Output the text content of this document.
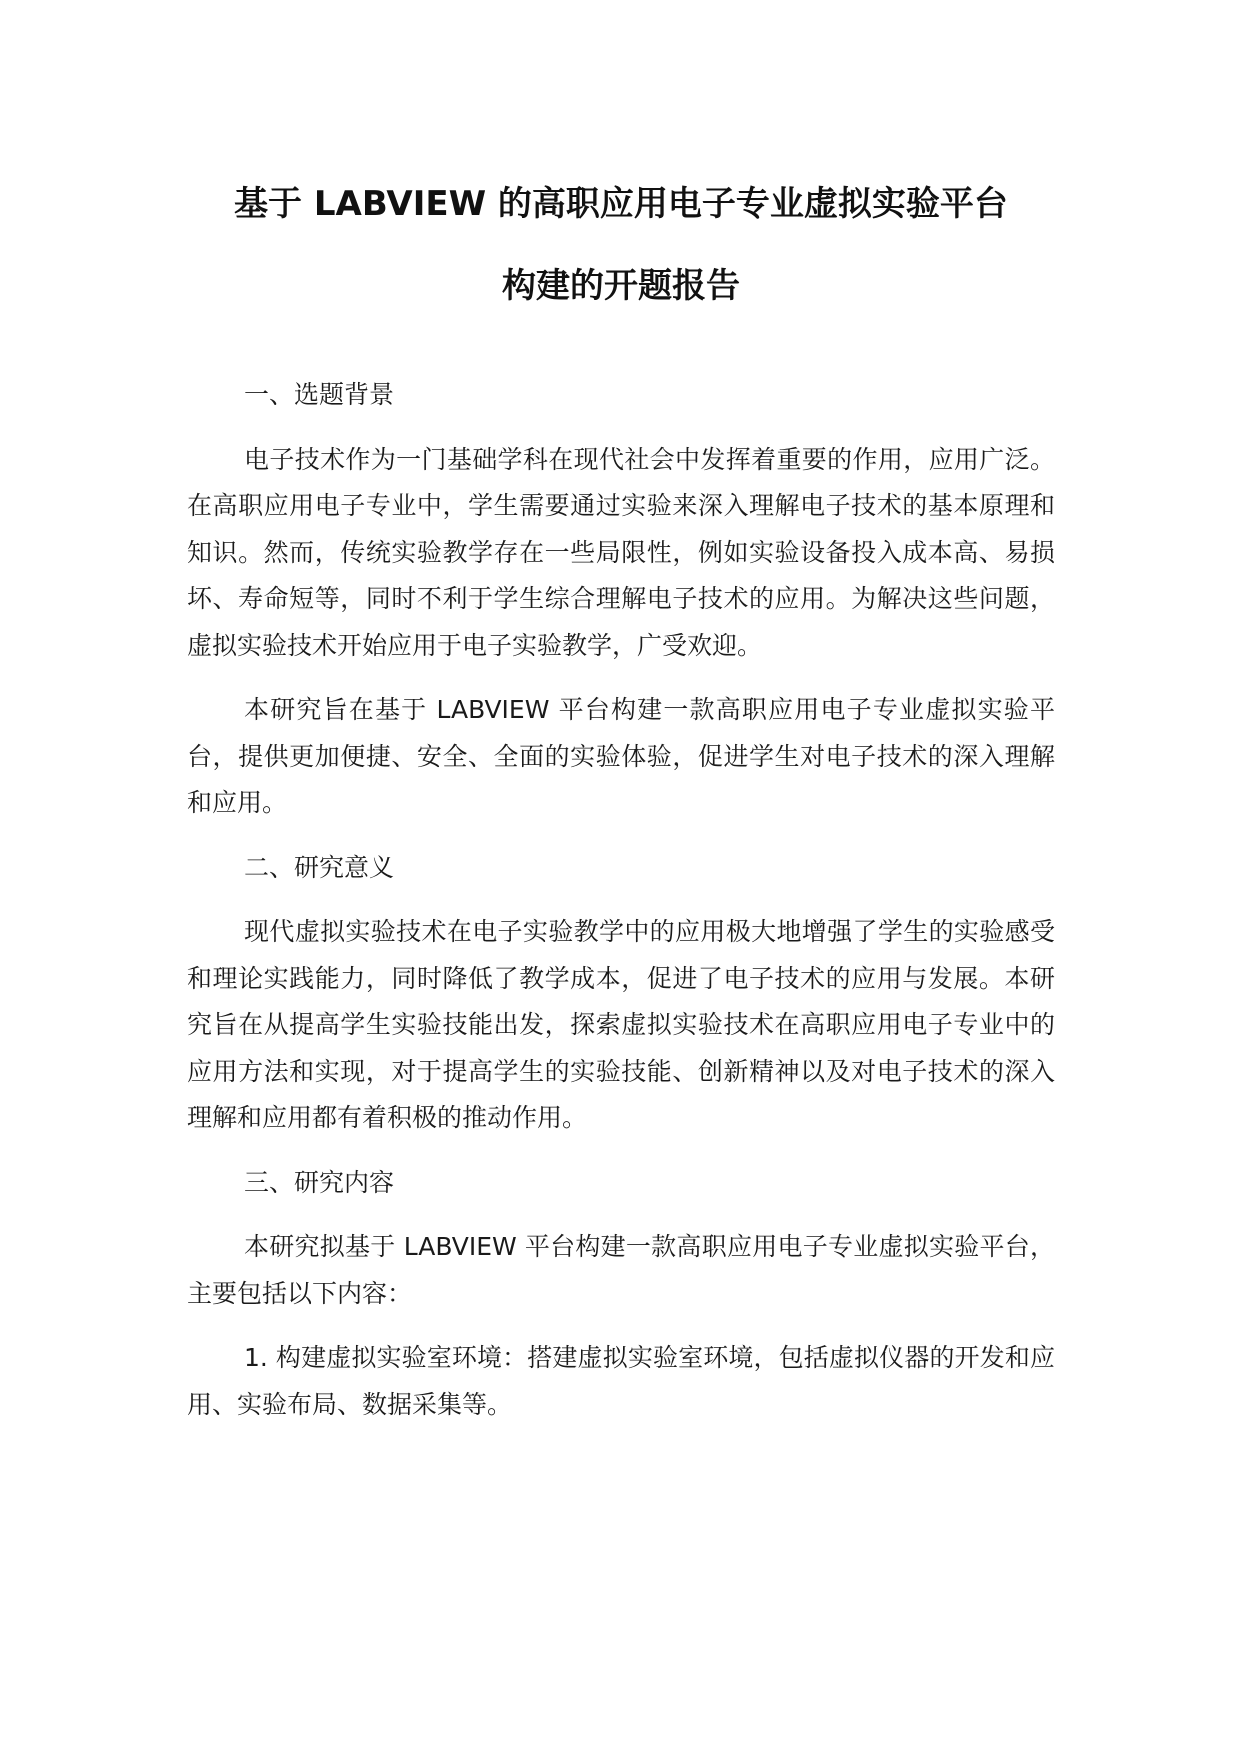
基于 LABVIEW 的高职应用电子专业虚拟实验平台
构建的开题报告

一、选题背景

电子技术作为一门基础学科在现代社会中发挥着重要的作用，应用广泛。在高职应用电子专业中，学生需要通过实验来深入理解电子技术的基本原理和知识。然而，传统实验教学存在一些局限性，例如实验设备投入成本高、易损坏、寿命短等，同时不利于学生综合理解电子技术的应用。为解决这些问题，虚拟实验技术开始应用于电子实验教学，广受欢迎。

本研究旨在基于 LABVIEW 平台构建一款高职应用电子专业虚拟实验平台，提供更加便捷、安全、全面的实验体验，促进学生对电子技术的深入理解和应用。

二、研究意义

现代虚拟实验技术在电子实验教学中的应用极大地增强了学生的实验感受和理论实践能力，同时降低了教学成本，促进了电子技术的应用与发展。本研究旨在从提高学生实验技能出发，探索虚拟实验技术在高职应用电子专业中的应用方法和实现，对于提高学生的实验技能、创新精神以及对电子技术的深入理解和应用都有着积极的推动作用。

三、研究内容

本研究拟基于 LABVIEW 平台构建一款高职应用电子专业虚拟实验平台，主要包括以下内容：

1. 构建虚拟实验室环境：搭建虚拟实验室环境，包括虚拟仪器的开发和应用、实验布局、数据采集等。
